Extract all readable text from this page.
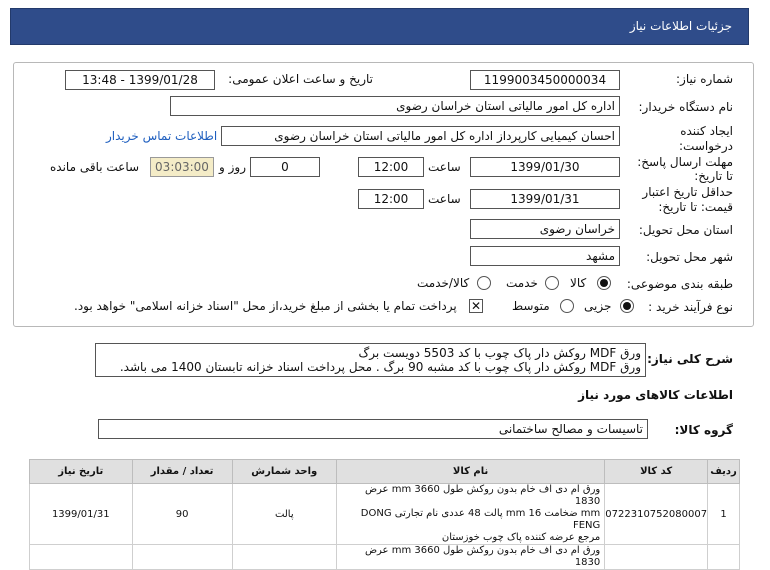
جزئیات اطلاعات نیاز
شماره نیاز:
1199003450000034
تاریخ و ساعت اعلان عمومی:
1399/01/28 - 13:48
نام دستگاه خریدار:
اداره کل امور مالیاتی استان خراسان رضوی
ایجاد کننده
درخواست:
احسان کیمیایی کارپرداز اداره کل امور مالیاتی استان خراسان رضوی
اطلاعات تماس خریدار
مهلت ارسال پاسخ:
تا تاریخ:
1399/01/30
ساعت
12:00
0
روز و
03:03:00
ساعت باقی مانده
حداقل تاریخ اعتبار
قیمت: تا تاریخ:
1399/01/31
ساعت
12:00
استان محل تحویل:
خراسان رضوی
شهر محل تحویل:
مشهد
طبقه بندی موضوعی:
کالا
خدمت
کالا/خدمت
نوع فرآیند خرید :
جزیی
متوسط
✕
پرداخت تمام یا بخشی از مبلغ خرید،از محل "اسناد خزانه اسلامی" خواهد بود.
شرح کلی نیاز:
ورق MDF روکش دار پاک چوب با کد 5503 دویست برگ
ورق MDF روکش دار پاک چوب با کد مشبه 90 برگ . محل پرداخت اسناد خزانه تابستان 1400 می باشد.
اطلاعات کالاهای مورد نیاز
گروه کالا:
تاسیسات و مصالح ساختمانی
ردیف	کد کالا	نام کالا	واحد شمارش	تعداد / مقدار	تاریخ نیاز
1	0722310752080007	ورق ام دی اف خام بدون روکش طول 3660 mm عرض 1830
mm ضخامت 16 mm پالت 48 عددی نام تجارتی DONG FENG
مرجع عرضه کننده پاک چوب خوزستان	پالت	90	1399/01/31

		ورق ام دی اف خام بدون روکش طول 3660 mm عرض 1830			
